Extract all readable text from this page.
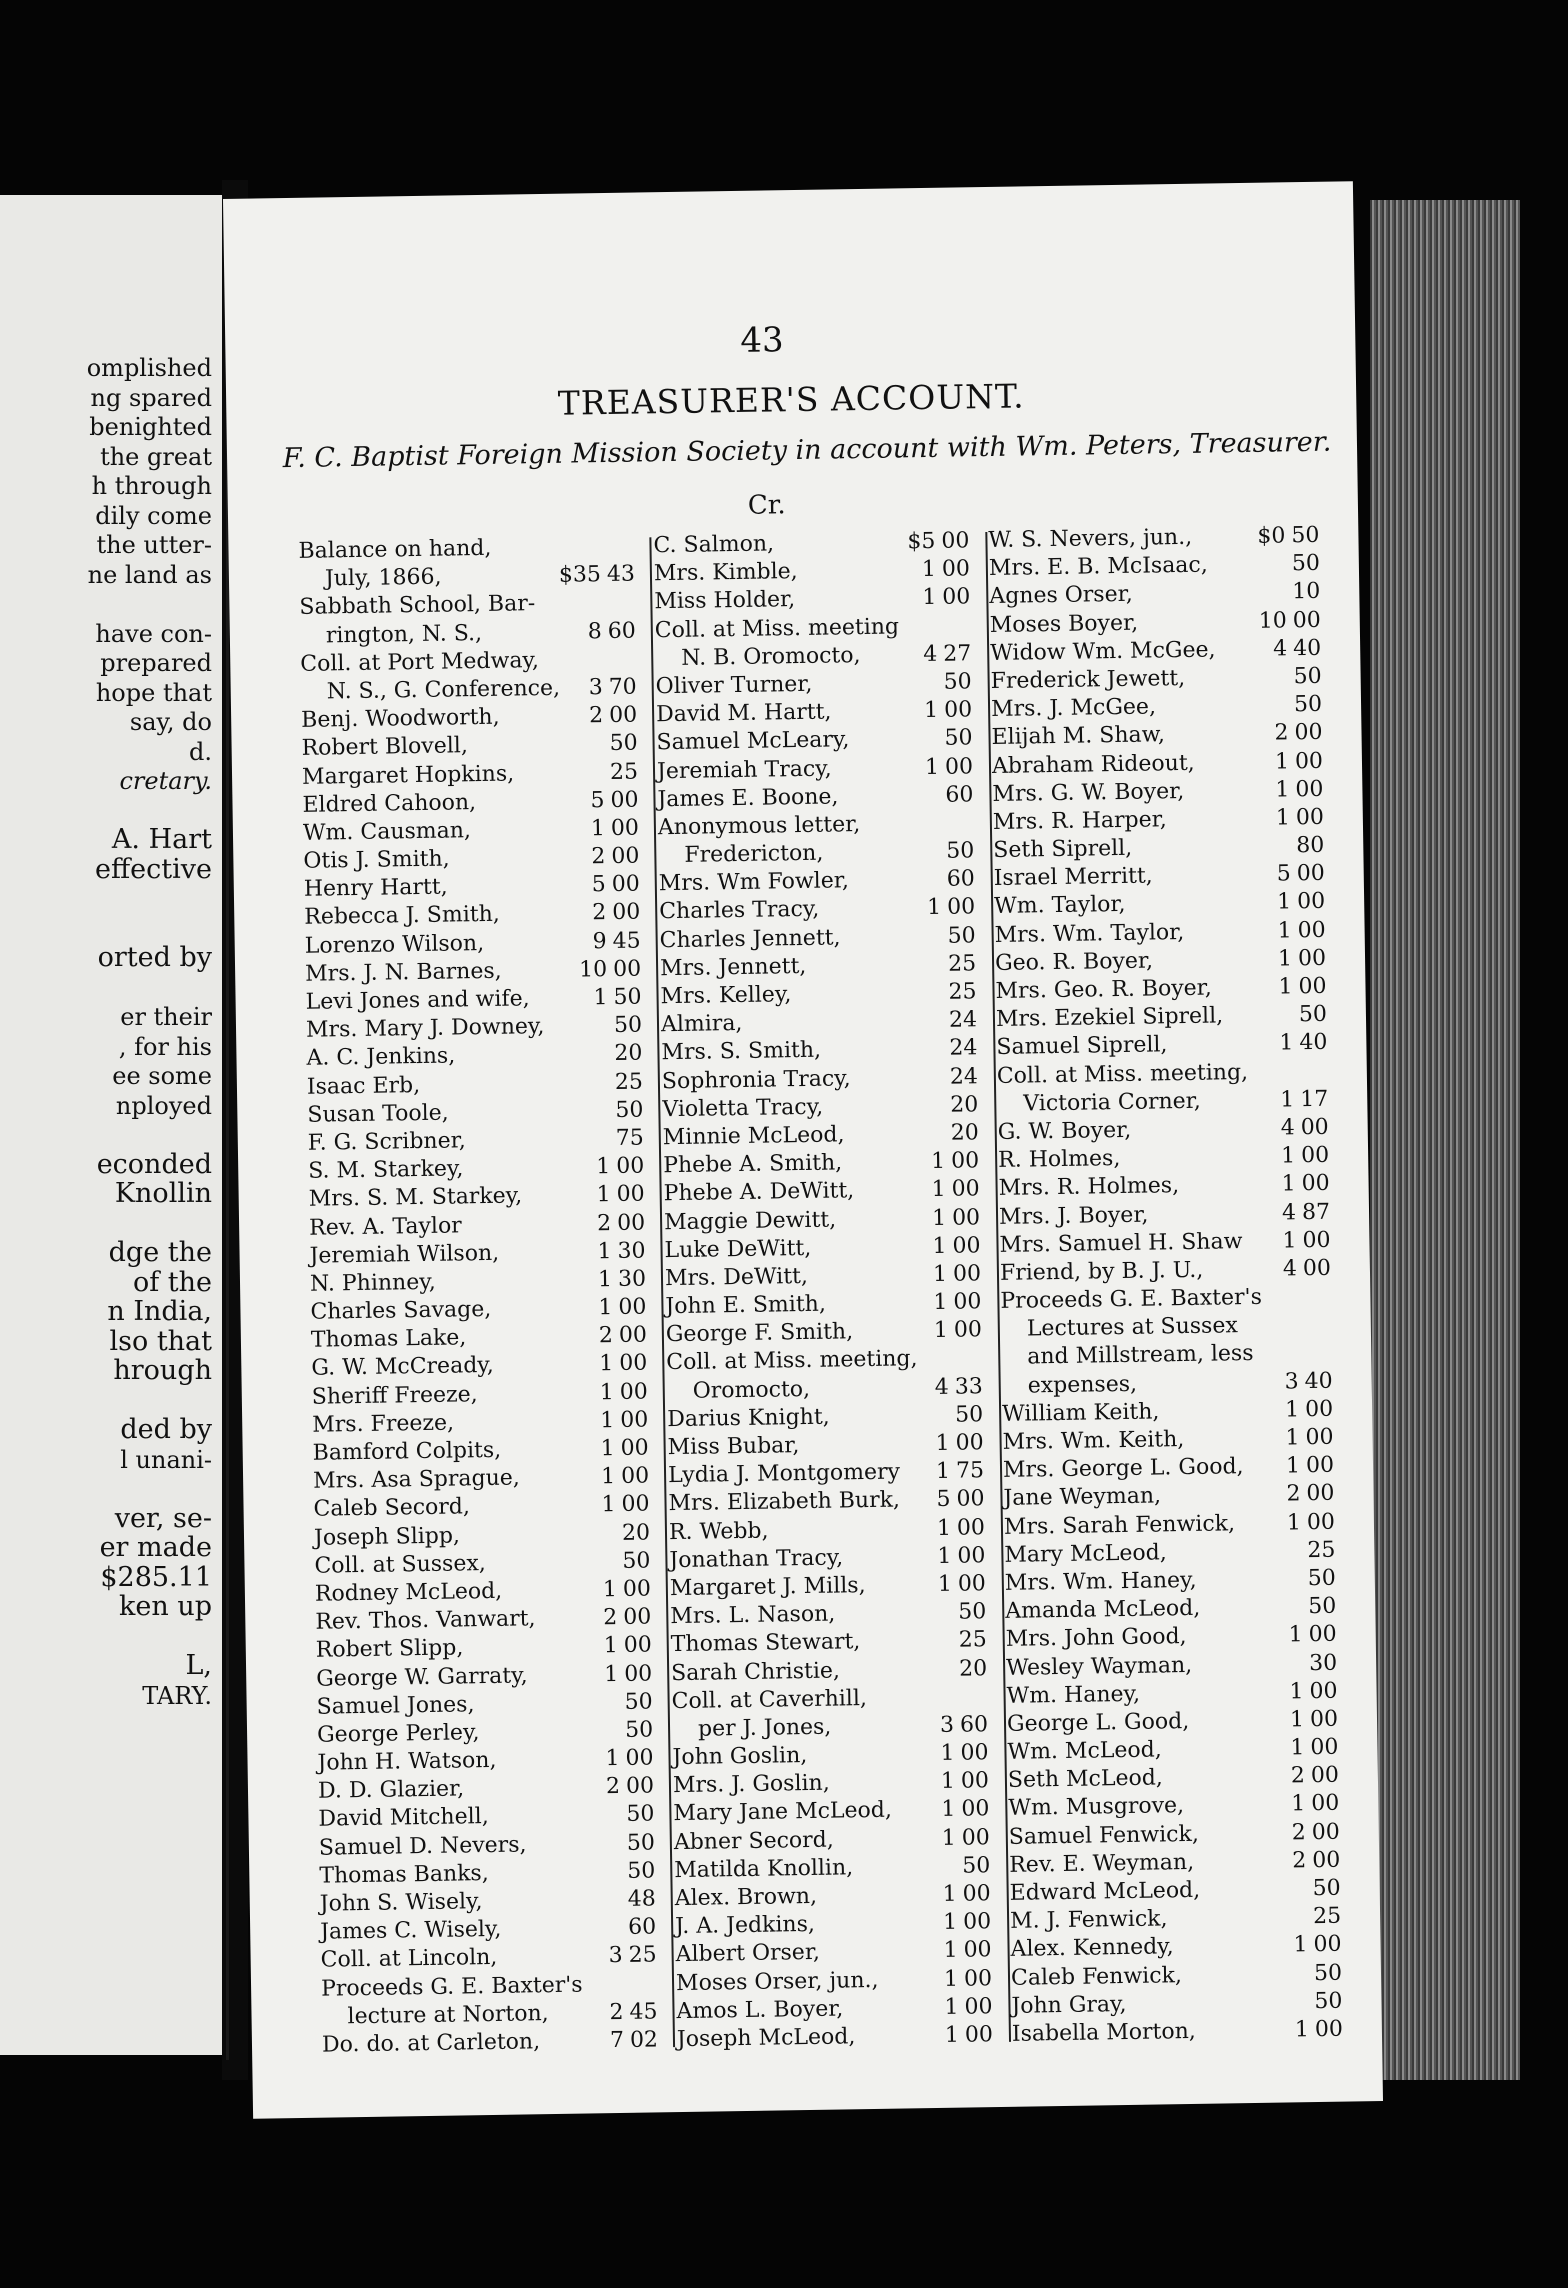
omplished
ng spared
benighted
the great
h through
dily come
the utter-
ne land as
have con-
prepared
hope that
say, do
d.
cretary.
A. Hart
effective
orted by
er their
, for his
ee some
nployed
econded
Knollin
dge the
of the
n India,
lso that
hrough
ded by
l unani-
ver, se-
er made
$285.11
ken up
L,
TARY.
43
TREASURER'S ACCOUNT.
F. C. Baptist Foreign Mission Society in account with Wm. Peters, Treasurer.
Cr.
Balance on hand,
July, 1866,	$35 43
Sabbath School, Bar-
rington, N. S.,	8 60
Coll. at Port Medway,
N. S., G. Conference, 3 70
Benj. Woodworth,	2 00
Robert Blovell,	50
Margaret Hopkins,	25
Eldred Cahoon,	5 00
Wm. Causman,	1 00
Otis J. Smith,	2 00
Henry Hartt,	5 00
Rebecca J. Smith,	2 00
Lorenzo Wilson,	9 45
Mrs. J. N. Barnes,	10 00
Levi Jones and wife,	1 50
Mrs. Mary J. Downey,	50
A. C. Jenkins,	20
Isaac Erb,	25
Susan Toole,	50
F. G. Scribner,	75
S. M. Starkey,	1 00
Mrs. S. M. Starkey,	1 00
Rev. A. Taylor	2 00
Jeremiah Wilson,	1 30
N. Phinney,	1 30
Charles Savage,	1 00
Thomas Lake,	2 00
G. W. McCready,	1 00
Sheriff Freeze,	1 00
Mrs. Freeze,	1 00
Bamford Colpits,	1 00
Mrs. Asa Sprague,	1 00
Caleb Secord,	1 00
Joseph Slipp,	20
Coll. at Sussex,	50
Rodney McLeod,	1 00
Rev. Thos. Vanwart,	2 00
Robert Slipp,	1 00
George W. Garraty,	1 00
Samuel Jones,	50
George Perley,	50
John H. Watson,	1 00
D. D. Glazier,	2 00
David Mitchell,	50
Samuel D. Nevers,	50
Thomas Banks,	50
John S. Wisely,	48
James C. Wisely,	60
Coll. at Lincoln,	3 25
Proceeds G. E. Baxter's
lecture at Norton,	2 45
Do. do. at Carleton,	7 02
C. Salmon,	$5 00
Mrs. Kimble,	1 00
Miss Holder,	1 00
Coll. at Miss. meeting
N. B. Oromocto,	4 27
Oliver Turner,	50
David M. Hartt,	1 00
Samuel McLeary,	50
Jeremiah Tracy,	1 00
James E. Boone,	60
Anonymous letter,
Fredericton,	50
Mrs. Wm Fowler,	60
Charles Tracy,	1 00
Charles Jennett,	50
Mrs. Jennett,	25
Mrs. Kelley,	25
Almira,	24
Mrs. S. Smith,	24
Sophronia Tracy,	24
Violetta Tracy,	20
Minnie McLeod,	20
Phebe A. Smith,	1 00
Phebe A. DeWitt,	1 00
Maggie Dewitt,	1 00
Luke DeWitt,	1 00
Mrs. DeWitt,	1 00
John E. Smith,	1 00
George F. Smith,	1 00
Coll. at Miss. meeting,
Oromocto,	4 33
Darius Knight,	50
Miss Bubar,	1 00
Lydia J. Montgomery 1 75
Mrs. Elizabeth Burk, 5 00
R. Webb,	1 00
Jonathan Tracy,	1 00
Margaret J. Mills,	1 00
Mrs. L. Nason,	50
Thomas Stewart,	25
Sarah Christie,	20
Coll. at Caverhill,
per J. Jones,	3 60
John Goslin,	1 00
Mrs. J. Goslin,	1 00
Mary Jane McLeod, 1 00
Abner Secord,	1 00
Matilda Knollin,	50
Alex. Brown,	1 00
J. A. Jedkins,	1 00
Albert Orser,	1 00
Moses Orser, jun.,	1 00
Amos L. Boyer,	1 00
Joseph McLeod,	1 00
W. S. Nevers, jun.,	$0 50
Mrs. E. B. McIsaac,	50
Agnes Orser,	10
Moses Boyer,	10 00
Widow Wm. McGee,	4 40
Frederick Jewett,	50
Mrs. J. McGee,	50
Elijah M. Shaw,	2 00
Abraham Rideout,	1 00
Mrs. G. W. Boyer,	1 00
Mrs. R. Harper,	1 00
Seth Siprell,	80
Israel Merritt,	5 00
Wm. Taylor,	1 00
Mrs. Wm. Taylor,	1 00
Geo. R. Boyer,	1 00
Mrs. Geo. R. Boyer,	1 00
Mrs. Ezekiel Siprell,	50
Samuel Siprell,	1 40
Coll. at Miss. meeting,
Victoria Corner,	1 17
G. W. Boyer,	4 00
R. Holmes,	1 00
Mrs. R. Holmes,	1 00
Mrs. J. Boyer,	4 87
Mrs. Samuel H. Shaw 1 00
Friend, by B. J. U.,	4 00
Proceeds G. E. Baxter's
Lectures at Sussex
and Millstream, less
expenses,	3 40
William Keith,	1 00
Mrs. Wm. Keith,	1 00
Mrs. George L. Good, 1 00
Jane Weyman,	2 00
Mrs. Sarah Fenwick, 1 00
Mary McLeod,	25
Mrs. Wm. Haney,	50
Amanda McLeod,	50
Mrs. John Good,	1 00
Wesley Wayman,	30
Wm. Haney,	1 00
George L. Good,	1 00
Wm. McLeod,	1 00
Seth McLeod,	2 00
Wm. Musgrove,	1 00
Samuel Fenwick,	2 00
Rev. E. Weyman,	2 00
Edward McLeod,	50
M. J. Fenwick,	25
Alex. Kennedy,	1 00
Caleb Fenwick,	50
John Gray,	50
Isabella Morton,	1 00
